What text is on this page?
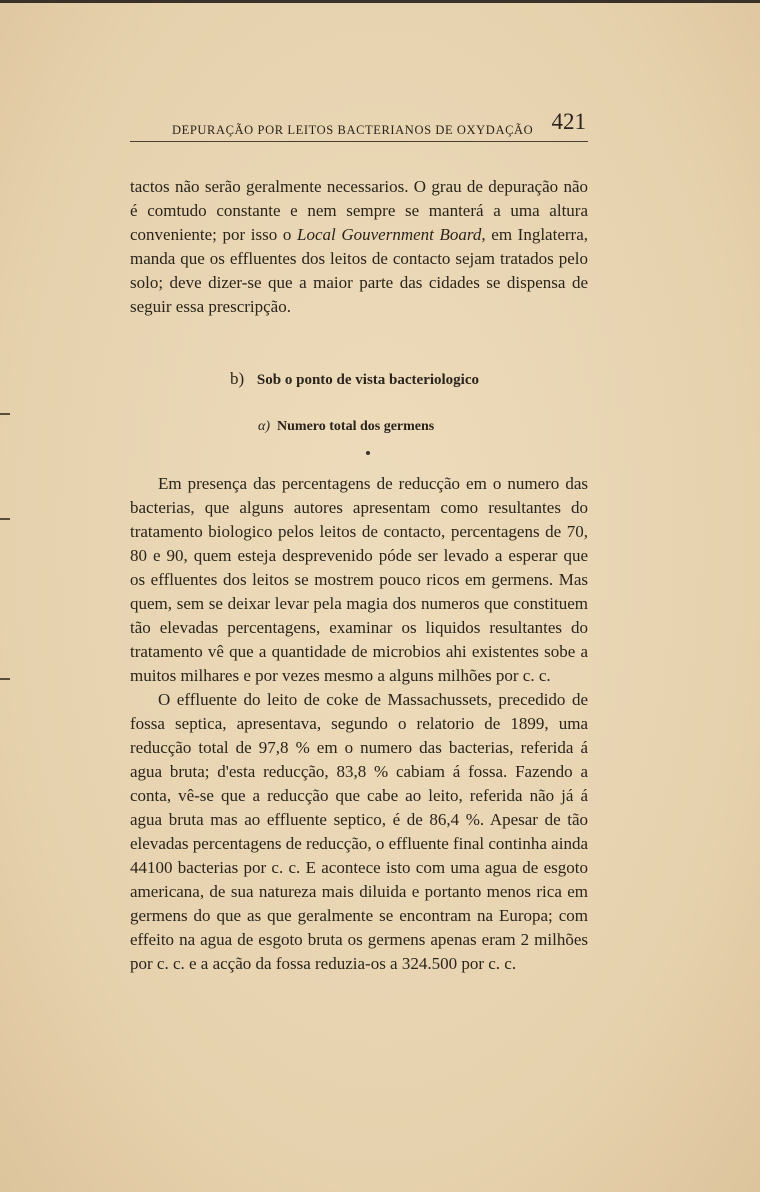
DEPURAÇÃO POR LEITOS BACTERIANOS DE OXYDAÇÃO 421

tactos não serão geralmente necessarios. O grau de depuração não é comtudo constante e nem sempre se manterá a uma altura conveniente; por isso o Local Gouvernment Board, em Inglaterra, manda que os effluentes dos leitos de contacto sejam tratados pelo solo; deve dizer-se que a maior parte das cidades se dispensa de seguir essa prescripção.

b) Sob o ponto de vista bacteriologico
α) Numero total dos germens

Em presença das percentagens de reducção em o numero das bacterias, que alguns autores apresentam como resultantes do tratamento biologico pelos leitos de contacto, percentagens de 70, 80 e 90, quem esteja desprevenido póde ser levado a esperar que os effluentes dos leitos se mostrem pouco ricos em germens. Mas quem, sem se deixar levar pela magia dos numeros que constituem tão elevadas percentagens, examinar os liquidos resultantes do tratamento vê que a quantidade de microbios ahi existentes sobe a muitos milhares e por vezes mesmo a alguns milhões por c. c.

O effluente do leito de coke de Massachussets, precedido de fossa septica, apresentava, segundo o relatorio de 1899, uma reducção total de 97,8 % em o numero das bacterias, referida á agua bruta; d'esta reducção, 83,8 % cabiam á fossa. Fazendo a conta, vê-se que a reducção que cabe ao leito, referida não já á agua bruta mas ao effluente septico, é de 86,4 %. Apesar de tão elevadas percentagens de reducção, o effluente final continha ainda 44100 bacterias por c. c. E acontece isto com uma agua de esgoto americana, de sua natureza mais diluida e portanto menos rica em germens do que as que geralmente se encontram na Europa; com effeito na agua de esgoto bruta os germens apenas eram 2 milhões por c. c. e a acção da fossa reduzia-os a 324.500 por c. c.
